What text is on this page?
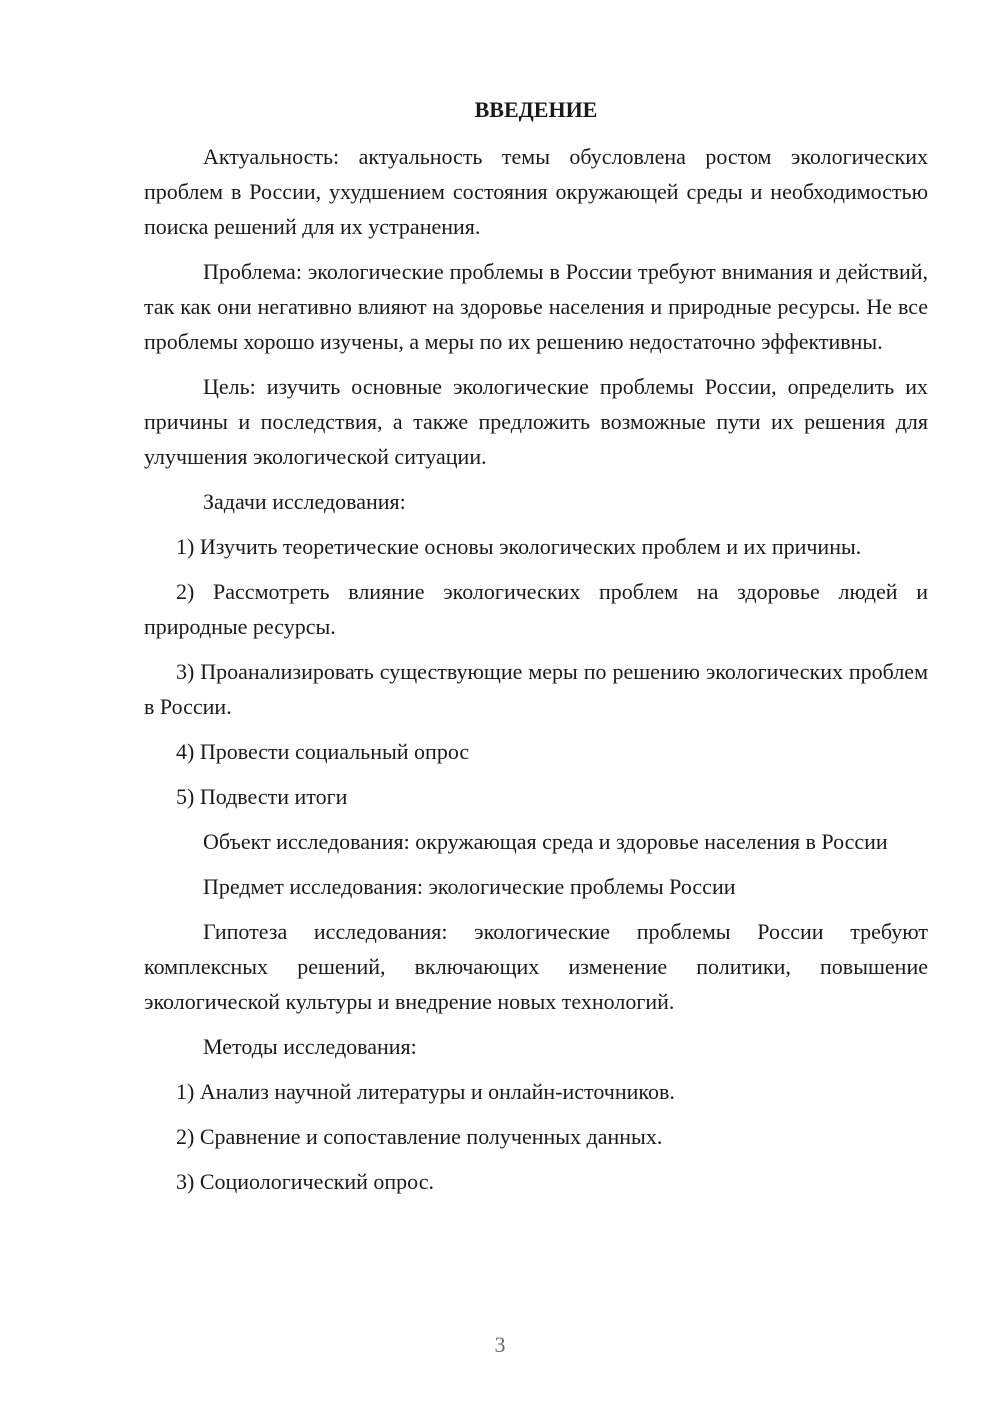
ВВЕДЕНИЕ

Актуальность: актуальность темы обусловлена ростом экологических проблем в России, ухудшением состояния окружающей среды и необходимостью поиска решений для их устранения.

Проблема: экологические проблемы в России требуют внимания и действий, так как они негативно влияют на здоровье населения и природные ресурсы. Не все проблемы хорошо изучены, а меры по их решению недостаточно эффективны.

Цель: изучить основные экологические проблемы России, определить их причины и последствия, а также предложить возможные пути их решения для улучшения экологической ситуации.

Задачи исследования:

1) Изучить теоретические основы экологических проблем и их причины.

2) Рассмотреть влияние экологических проблем на здоровье людей и природные ресурсы.

3) Проанализировать существующие меры по решению экологических проблем в России.

4) Провести социальный опрос

5) Подвести итоги

Объект исследования: окружающая среда и здоровье населения в России

Предмет исследования: экологические проблемы России

Гипотеза исследования: экологические проблемы России требуют комплексных решений, включающих изменение политики, повышение экологической культуры и внедрение новых технологий.

Методы исследования:

1) Анализ научной литературы и онлайн-источников.

2) Сравнение и сопоставление полученных данных.

3) Социологический опрос.

3
